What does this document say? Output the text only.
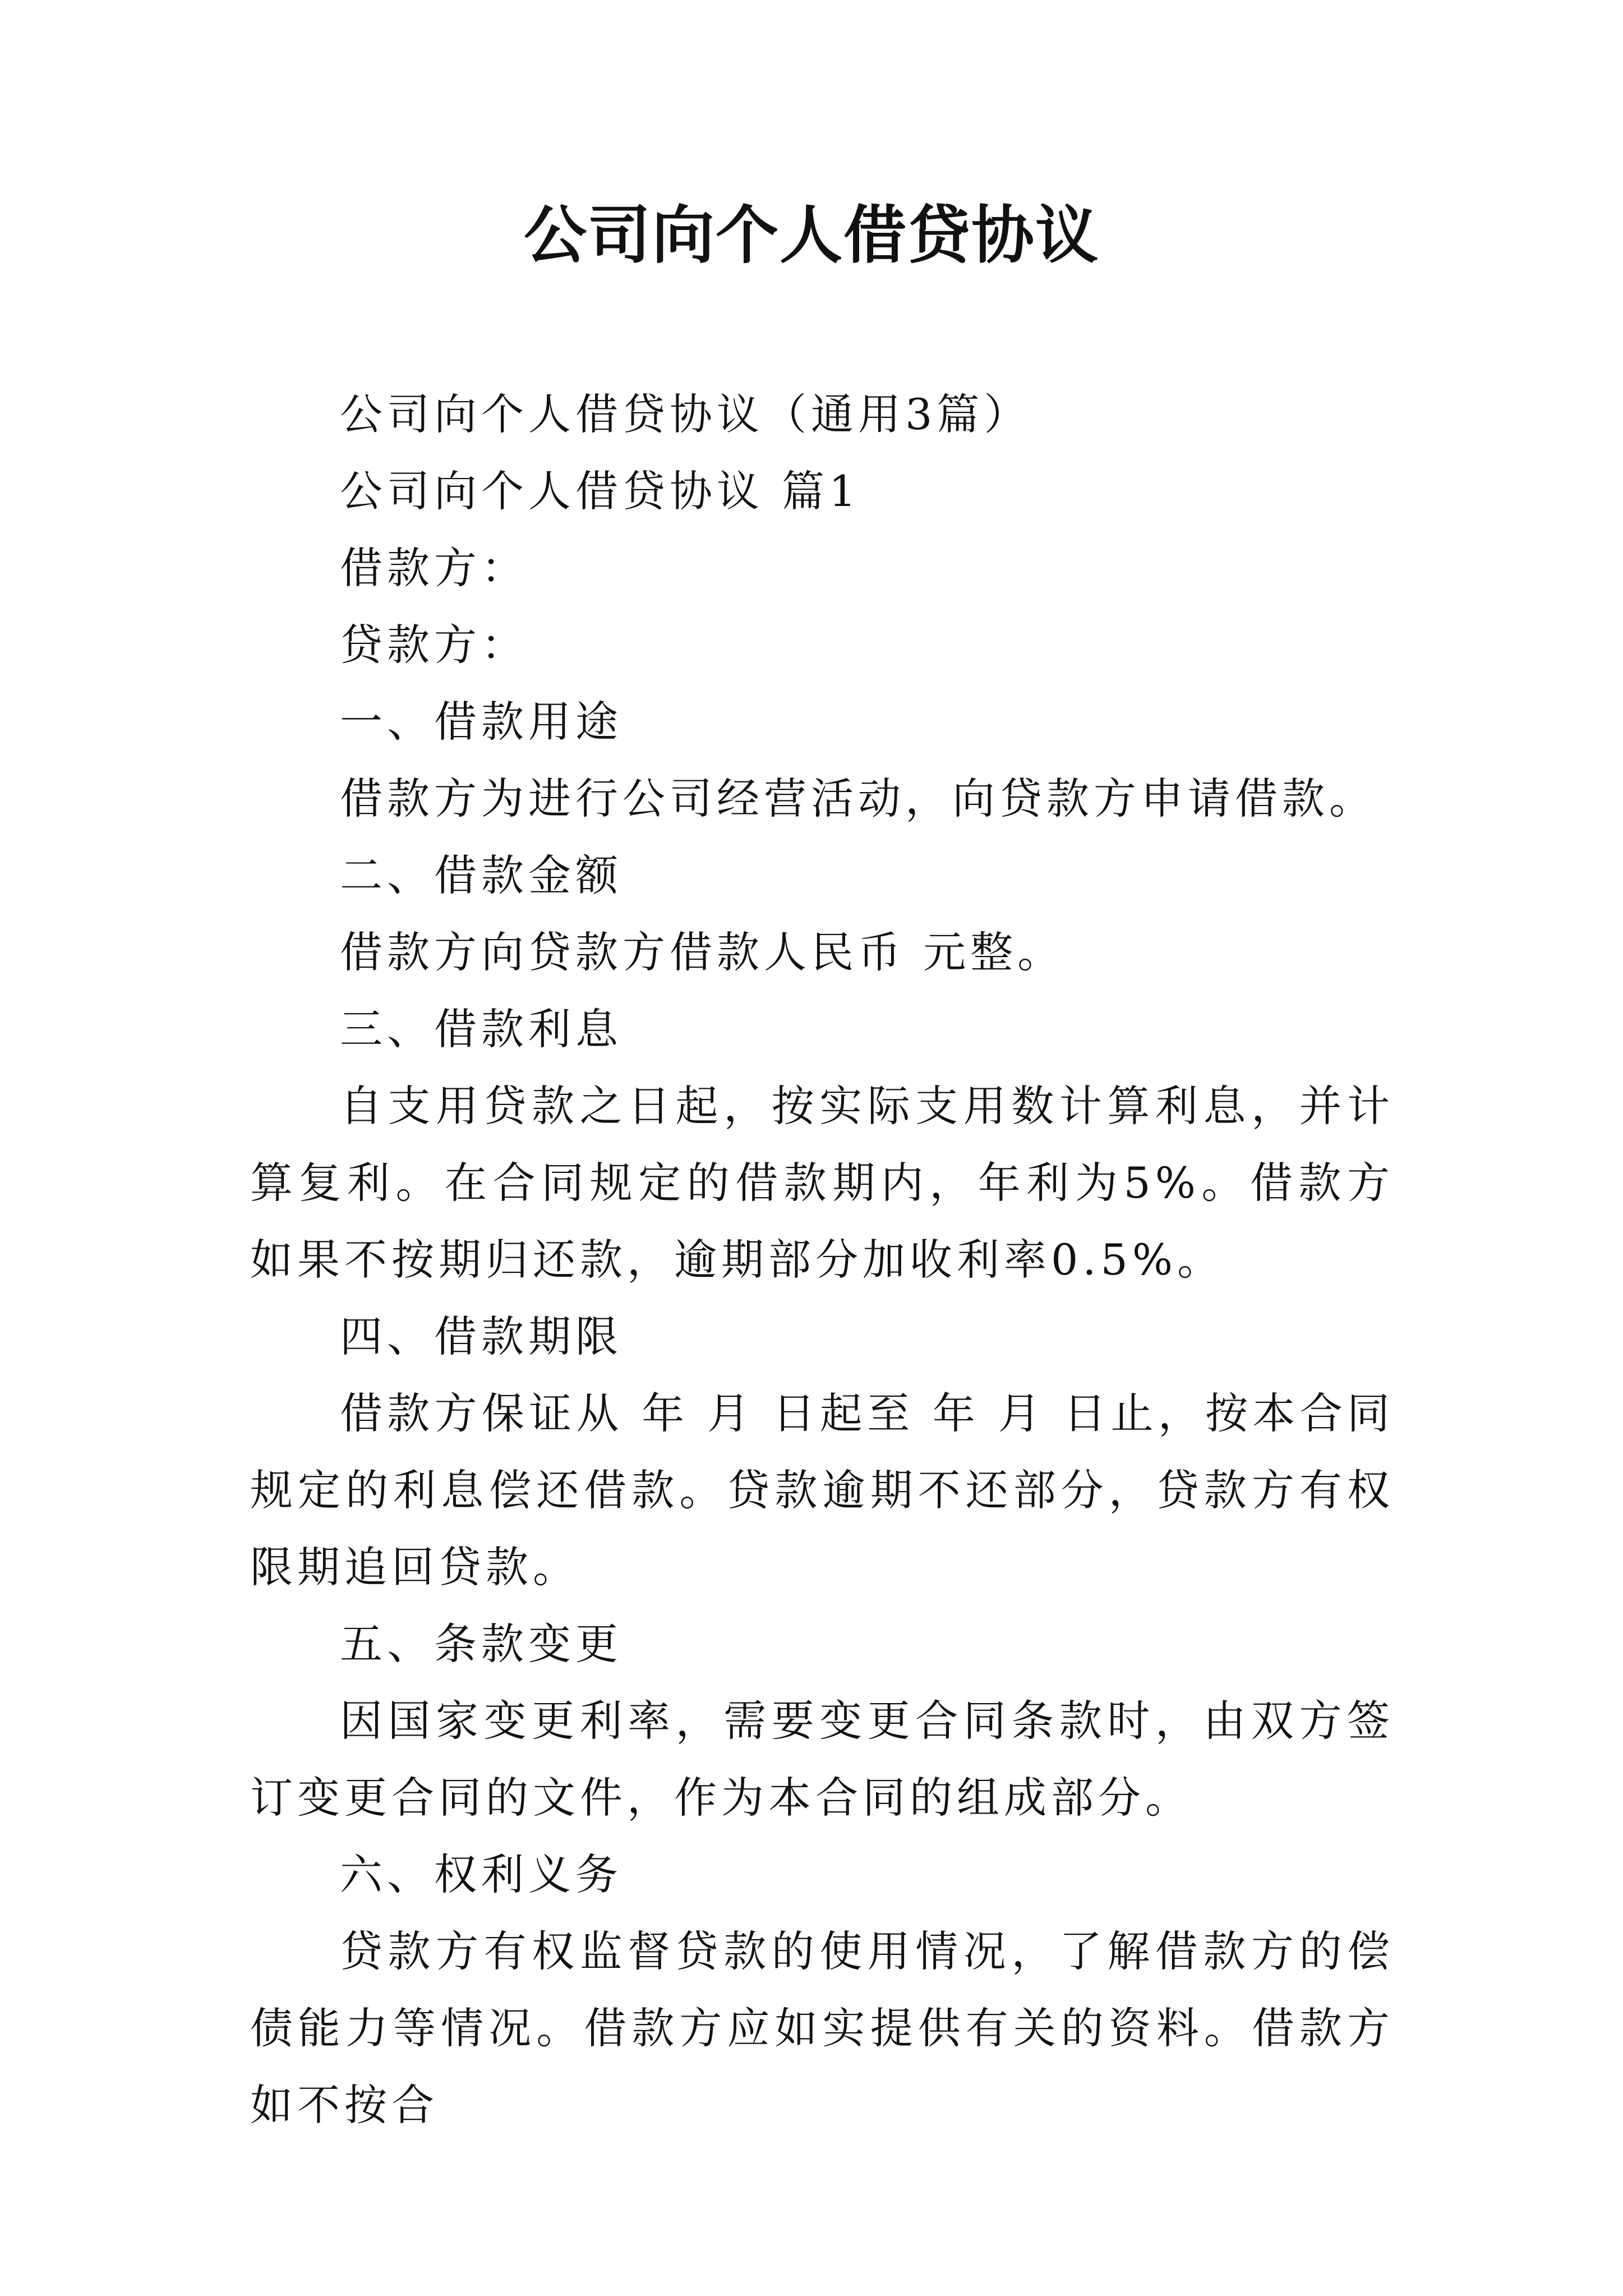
公司向个人借贷协议

公司向个人借贷协议（通用3篇）

公司向个人借贷协议 篇1

借款方：

贷款方：

一、借款用途

借款方为进行公司经营活动，向贷款方申请借款。

二、借款金额

借款方向贷款方借款人民币 元整。

三、借款利息

自支用贷款之日起，按实际支用数计算利息，并计算复利。在合同规定的借款期内，年利为5%。借款方如果不按期归还款，逾期部分加收利率0.5%。

四、借款期限

借款方保证从 年 月 日起至 年 月 日止，按本合同规定的利息偿还借款。贷款逾期不还部分，贷款方有权限期追回贷款。

五、条款变更

因国家变更利率，需要变更合同条款时，由双方签订变更合同的文件，作为本合同的组成部分。

六、权利义务

贷款方有权监督贷款的使用情况，了解借款方的偿债能力等情况。借款方应如实提供有关的资料。借款方如不按合
